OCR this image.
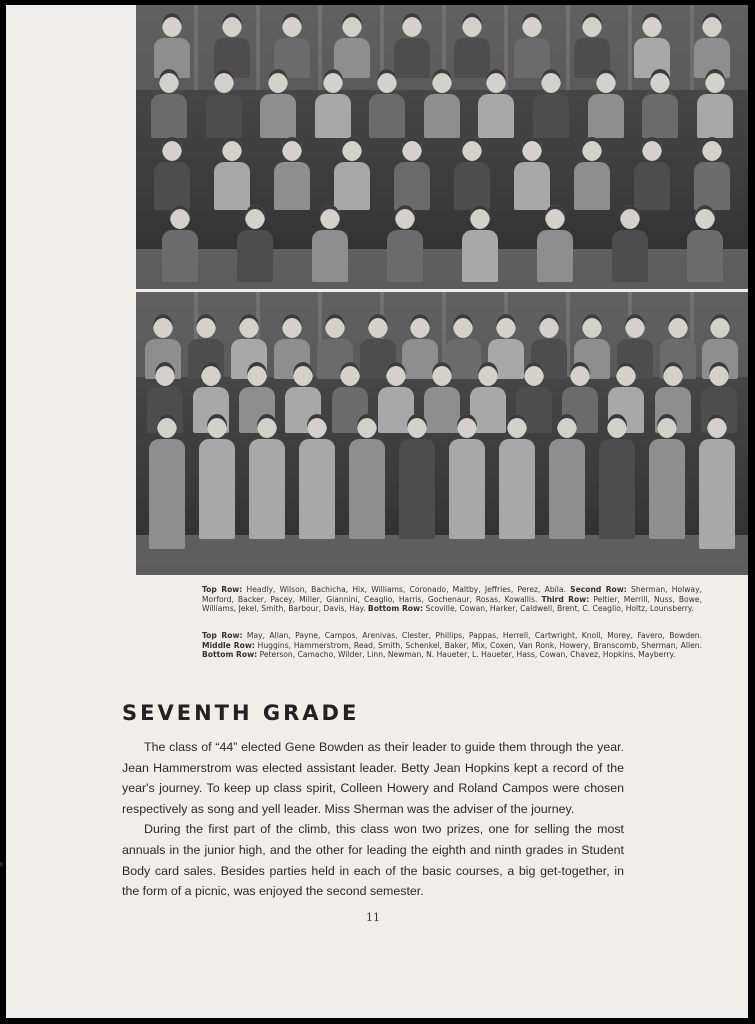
Top Row: Headly, Wilson, Bachicha, Hix, Williams, Coronado, Maltby, Jeffries, Perez, Abila. Second Row: Sherman, Holway, Morford, Backer, Pacey, Miller, Giannini, Ceaglio, Harris, Gochenaur, Rosas, Kowallis. Third Row: Peltier, Merrill, Nuss, Bowe, Williams, Jekel, Smith, Barbour, Davis, Hay. Bottom Row: Scoville, Cowan, Harker, Caldwell, Brent, C. Ceaglio, Holtz, Lounsberry.
Top Row: May, Allan, Payne, Campos, Arenivas, Clester, Phillips, Pappas, Herrell, Cartwright, Knoll, Morey, Favero, Bowden. Middle Row: Huggins, Hammerstrom, Read, Smith, Schenkel, Baker, Mix, Coxen, Van Ronk, Howery, Branscomb, Sherman, Allen. Bottom Row: Peterson, Camacho, Wilder, Linn, Newman, N. Haueter, L. Haueter, Hass, Cowan, Chavez, Hopkins, Mayberry.
SEVENTH GRADE

The class of “44” elected Gene Bowden as their leader to guide them through the year. Jean Hammerstrom was elected assistant leader. Betty Jean Hopkins kept a record of the year's journey. To keep up class spirit, Colleen Howery and Roland Campos were chosen respectively as song and yell leader. Miss Sherman was the adviser of the journey.

During the first part of the climb, this class won two prizes, one for selling the most annuals in the junior high, and the other for leading the eighth and ninth grades in Student Body card sales. Besides parties held in each of the basic courses, a big get-together, in the form of a picnic, was enjoyed the second semester.

11
